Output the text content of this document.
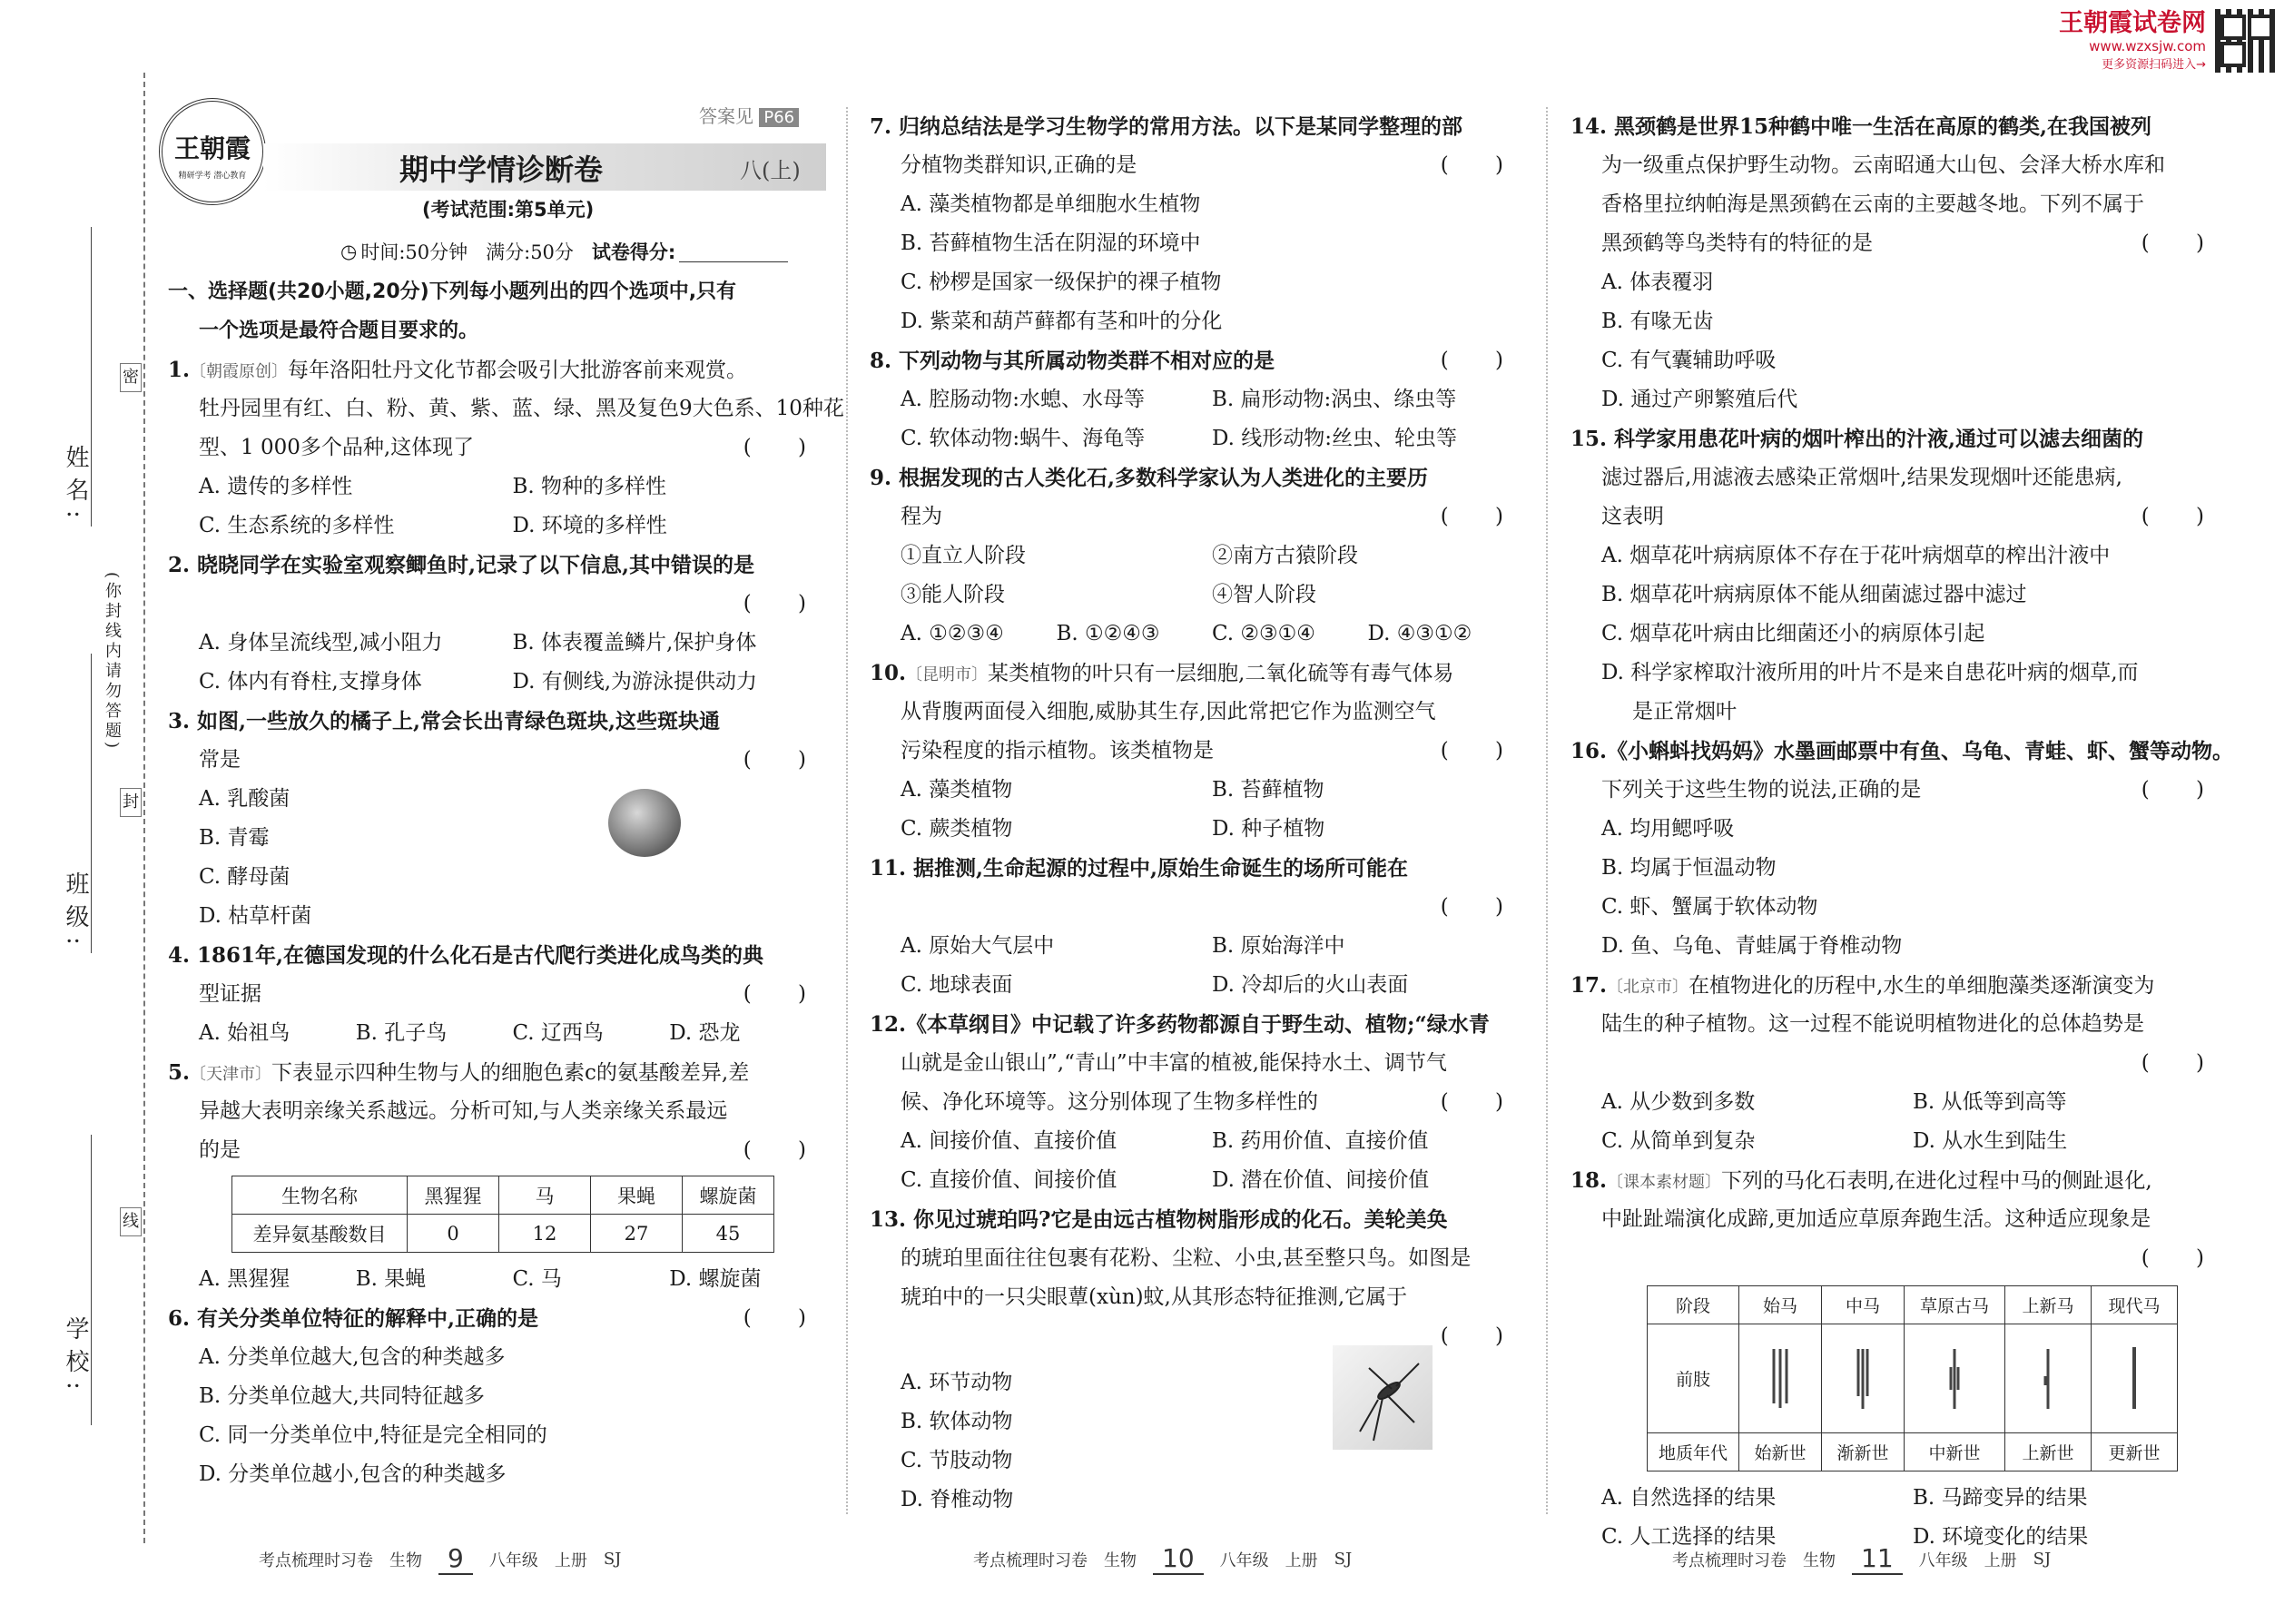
王朝霞试卷网
www.wzxsjw.com
更多资源扫码进入→
密
封
线
(你封线内请勿答题)
姓名:
班级:
学校:
王朝霞
精研学考 潜心教育
答案见 P66
期中学情诊断卷	八(上)
(考试范围:第5单元)
◷ 时间:50分钟 满分:50分 试卷得分:
一、选择题(共20小题,20分)下列每小题列出的四个选项中,只有
一个选项是最符合题目要求的。
1.〔朝霞原创〕每年洛阳牡丹文化节都会吸引大批游客前来观赏。
牡丹园里有红、白、粉、黄、紫、蓝、绿、黑及复色9大色系、10种花
型、1 000多个品种,这体现了	( )
A. 遗传的多样性	B. 物种的多样性
C. 生态系统的多样性	D. 环境的多样性
2. 晓晓同学在实验室观察鲫鱼时,记录了以下信息,其中错误的是
( )
A. 身体呈流线型,减小阻力	B. 体表覆盖鳞片,保护身体
C. 体内有脊柱,支撑身体	D. 有侧线,为游泳提供动力
3. 如图,一些放久的橘子上,常会长出青绿色斑块,这些斑块通
常是	( )
A. 乳酸菌
B. 青霉
C. 酵母菌
D. 枯草杆菌
4. 1861年,在德国发现的什么化石是古代爬行类进化成鸟类的典
型证据	( )
A. 始祖鸟	B. 孔子鸟	C. 辽西鸟	D. 恐龙
5.〔天津市〕下表显示四种生物与人的细胞色素c的氨基酸差异,差
异越大表明亲缘关系越远。分析可知,与人类亲缘关系最远
的是	( )
生物名称	黑猩猩	马	果蝇	螺旋菌
差异氨基酸数目	0	12	27	45
A. 黑猩猩	B. 果蝇	C. 马	D. 螺旋菌
6. 有关分类单位特征的解释中,正确的是	( )
A. 分类单位越大,包含的种类越多
B. 分类单位越大,共同特征越多
C. 同一分类单位中,特征是完全相同的
D. 分类单位越小,包含的种类越多
7. 归纳总结法是学习生物学的常用方法。以下是某同学整理的部
分植物类群知识,正确的是	( )
A. 藻类植物都是单细胞水生植物
B. 苔藓植物生活在阴湿的环境中
C. 桫椤是国家一级保护的裸子植物
D. 紫菜和葫芦藓都有茎和叶的分化
8. 下列动物与其所属动物类群不相对应的是	( )
A. 腔肠动物:水螅、水母等	B. 扁形动物:涡虫、绦虫等
C. 软体动物:蜗牛、海龟等	D. 线形动物:丝虫、轮虫等
9. 根据发现的古人类化石,多数科学家认为人类进化的主要历
程为	( )
①直立人阶段	②南方古猿阶段
③能人阶段	④智人阶段
A. ①②③④	B. ①②④③	C. ②③①④	D. ④③①②
10.〔昆明市〕某类植物的叶只有一层细胞,二氧化硫等有毒气体易
从背腹两面侵入细胞,威胁其生存,因此常把它作为监测空气
污染程度的指示植物。该类植物是	( )
A. 藻类植物	B. 苔藓植物
C. 蕨类植物	D. 种子植物
11. 据推测,生命起源的过程中,原始生命诞生的场所可能在
( )
A. 原始大气层中	B. 原始海洋中
C. 地球表面	D. 冷却后的火山表面
12.《本草纲目》中记载了许多药物都源自于野生动、植物;“绿水青
山就是金山银山”,“青山”中丰富的植被,能保持水土、调节气
候、净化环境等。这分别体现了生物多样性的	( )
A. 间接价值、直接价值	B. 药用价值、直接价值
C. 直接价值、间接价值	D. 潜在价值、间接价值
13. 你见过琥珀吗?它是由远古植物树脂形成的化石。美轮美奂
的琥珀里面往往包裹有花粉、尘粒、小虫,甚至整只鸟。如图是
琥珀中的一只尖眼蕈(xùn)蚊,从其形态特征推测,它属于
( )
A. 环节动物
B. 软体动物
C. 节肢动物
D. 脊椎动物
14. 黑颈鹤是世界15种鹤中唯一生活在高原的鹤类,在我国被列
为一级重点保护野生动物。云南昭通大山包、会泽大桥水库和
香格里拉纳帕海是黑颈鹤在云南的主要越冬地。下列不属于
黑颈鹤等鸟类特有的特征的是	( )
A. 体表覆羽
B. 有喙无齿
C. 有气囊辅助呼吸
D. 通过产卵繁殖后代
15. 科学家用患花叶病的烟叶榨出的汁液,通过可以滤去细菌的
滤过器后,用滤液去感染正常烟叶,结果发现烟叶还能患病,
这表明	( )
A. 烟草花叶病病原体不存在于花叶病烟草的榨出汁液中
B. 烟草花叶病病原体不能从细菌滤过器中滤过
C. 烟草花叶病由比细菌还小的病原体引起
D. 科学家榨取汁液所用的叶片不是来自患花叶病的烟草,而
是正常烟叶
16.《小蝌蚪找妈妈》水墨画邮票中有鱼、乌龟、青蛙、虾、蟹等动物。
下列关于这些生物的说法,正确的是	( )
A. 均用鳃呼吸
B. 均属于恒温动物
C. 虾、蟹属于软体动物
D. 鱼、乌龟、青蛙属于脊椎动物
17.〔北京市〕在植物进化的历程中,水生的单细胞藻类逐渐演变为
陆生的种子植物。这一过程不能说明植物进化的总体趋势是
( )
A. 从少数到多数	B. 从低等到高等
C. 从简单到复杂	D. 从水生到陆生
18.〔课本素材题〕下列的马化石表明,在进化过程中马的侧趾退化,
中趾趾端演化成蹄,更加适应草原奔跑生活。这种适应现象是
( )
阶段	始马	中马	草原古马	上新马	现代马
前肢					
地质年代	始新世	渐新世	中新世	上新世	更新世
A. 自然选择的结果	B. 马蹄变异的结果
C. 人工选择的结果	D. 环境变化的结果
考点梳理时习卷 生物	9	八年级 上册 SJ	考点梳理时习卷 生物	10	八年级 上册 SJ	考点梳理时习卷 生物	11	八年级 上册 SJ
